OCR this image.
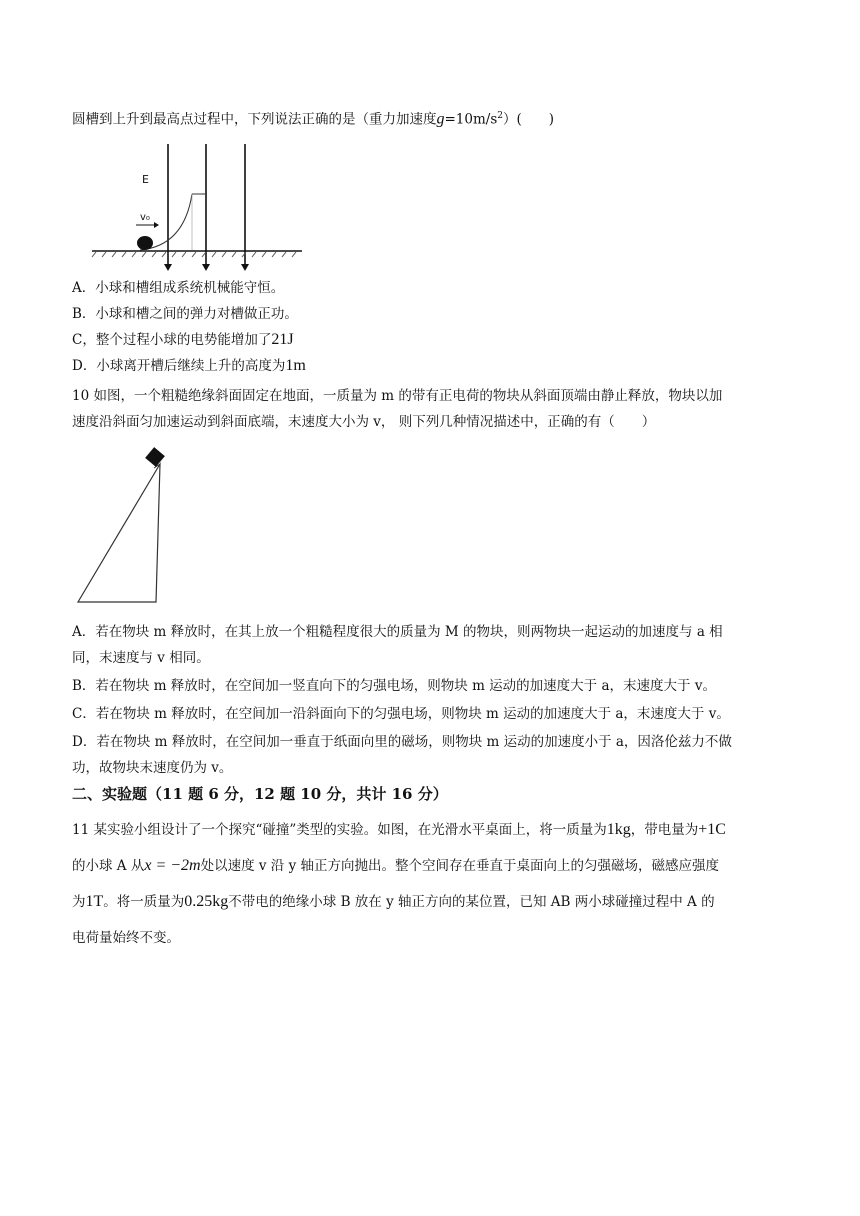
圆槽到上升到最高点过程中，下列说法正确的是（重力加速度$g=10m/s^2$）(　　)
v₀
E
A．小球和槽组成系统机械能守恒。
B．小球和槽之间的弹力对槽做正功。
C，整个过程小球的电势能增加了21J
D．小球离开槽后继续上升的高度为1m
10 如图，一个粗糙绝缘斜面固定在地面，一质量为 m 的带有正电荷的物块从斜面顶端由静止释放，物块以加
速度沿斜面匀加速运动到斜面底端，末速度大小为 v， 则下列几种情况描述中，正确的有（　　）
A．若在物块 m 释放时，在其上放一个粗糙程度很大的质量为 M 的物块，则两物块一起运动的加速度与 a 相
同，末速度与 v 相同。
B．若在物块 m 释放时，在空间加一竖直向下的匀强电场，则物块 m 运动的加速度大于 a，末速度大于 v。
C．若在物块 m 释放时，在空间加一沿斜面向下的匀强电场，则物块 m 运动的加速度大于 a，末速度大于 v。
D．若在物块 m 释放时，在空间加一垂直于纸面向里的磁场，则物块 m 运动的加速度小于 a，因洛伦兹力不做
功，故物块末速度仍为 v。
二、实验题（11 题 6 分，12 题 10 分，共计 16 分）
11 某实验小组设计了一个探究“碰撞”类型的实验。如图，在光滑水平桌面上，将一质量为1kg，带电量为+1C
的小球 A 从x = −2m处以速度 v 沿 y 轴正方向抛出。整个空间存在垂直于桌面向上的匀强磁场，磁感应强度
为1T。将一质量为0.25kg不带电的绝缘小球 B 放在 y 轴正方向的某位置，已知 AB 两小球碰撞过程中 A 的
电荷量始终不变。
